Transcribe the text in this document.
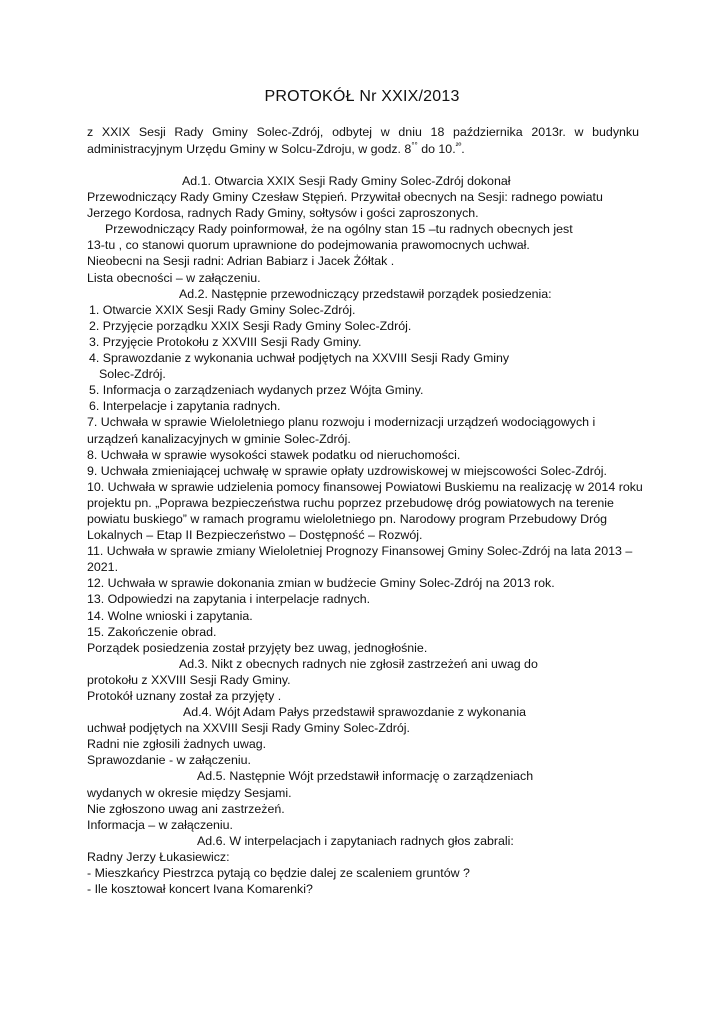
PROTOKÓŁ Nr XXIX/2013
z XXIX Sesji Rady Gminy Solec-Zdrój, odbytej w dniu 18 października 2013r. w budynku
administracyjnym Urzędu Gminy w Solcu-Zdroju, w godz. 8°° do 10.$^{^2º}$.
Ad.1. Otwarcia XXIX Sesji Rady Gminy Solec-Zdrój dokonał
Przewodniczący Rady Gminy Czesław Stępień. Przywitał obecnych na Sesji: radnego powiatu
Jerzego Kordosa, radnych Rady Gminy, sołtysów i gości zaproszonych.
Przewodniczący Rady poinformował, że na ogólny stan 15 –tu radnych obecnych jest
13-tu , co stanowi quorum uprawnione do podejmowania prawomocnych uchwał.
Nieobecni na Sesji radni: Adrian Babiarz i Jacek Żółtak .
Lista obecności – w załączeniu.
Ad.2. Następnie przewodniczący przedstawił porządek posiedzenia:
1. Otwarcie XXIX Sesji Rady Gminy Solec-Zdrój.
2. Przyjęcie porządku XXIX Sesji Rady Gminy Solec-Zdrój.
3. Przyjęcie Protokołu z XXVIII Sesji Rady Gminy.
4. Sprawozdanie z wykonania uchwał podjętych na XXVIII Sesji Rady Gminy
Solec-Zdrój.
5. Informacja o zarządzeniach wydanych przez Wójta Gminy.
6. Interpelacje i zapytania radnych.
7. Uchwała w sprawie Wieloletniego planu rozwoju i modernizacji urządzeń wodociągowych i
urządzeń kanalizacyjnych w gminie Solec-Zdrój.
8. Uchwała w sprawie wysokości stawek podatku od nieruchomości.
9. Uchwała zmieniającej uchwałę w sprawie opłaty uzdrowiskowej w miejscowości Solec-Zdrój.
10. Uchwała w sprawie udzielenia pomocy finansowej Powiatowi Buskiemu na realizację w 2014 roku
projektu pn. „Poprawa bezpieczeństwa ruchu poprzez przebudowę dróg powiatowych na terenie
powiatu buskiego” w ramach programu wieloletniego pn. Narodowy program Przebudowy Dróg
Lokalnych – Etap II Bezpieczeństwo – Dostępność – Rozwój.
11. Uchwała w sprawie zmiany Wieloletniej Prognozy Finansowej Gminy Solec-Zdrój na lata 2013 –
2021.
12. Uchwała w sprawie dokonania zmian w budżecie Gminy Solec-Zdrój na 2013 rok.
13. Odpowiedzi na zapytania i interpelacje radnych.
14. Wolne wnioski i zapytania.
15. Zakończenie obrad.
Porządek posiedzenia został przyjęty bez uwag, jednogłośnie.
Ad.3. Nikt z obecnych radnych nie zgłosił zastrzeżeń ani uwag do
protokołu z XXVIII Sesji Rady Gminy.
Protokół uznany został za przyjęty .
Ad.4. Wójt Adam Pałys przedstawił sprawozdanie z wykonania
uchwał podjętych na XXVIII Sesji Rady Gminy Solec-Zdrój.
Radni nie zgłosili żadnych uwag.
Sprawozdanie - w załączeniu.
Ad.5. Następnie Wójt przedstawił informację o zarządzeniach
wydanych w okresie między Sesjami.
Nie zgłoszono uwag ani zastrzeżeń.
Informacja – w załączeniu.
Ad.6. W interpelacjach i zapytaniach radnych głos zabrali:
Radny Jerzy Łukasiewicz:
- Mieszkańcy Piestrzca pytają co będzie dalej ze scaleniem gruntów ?
- Ile kosztował koncert Ivana Komarenki?
